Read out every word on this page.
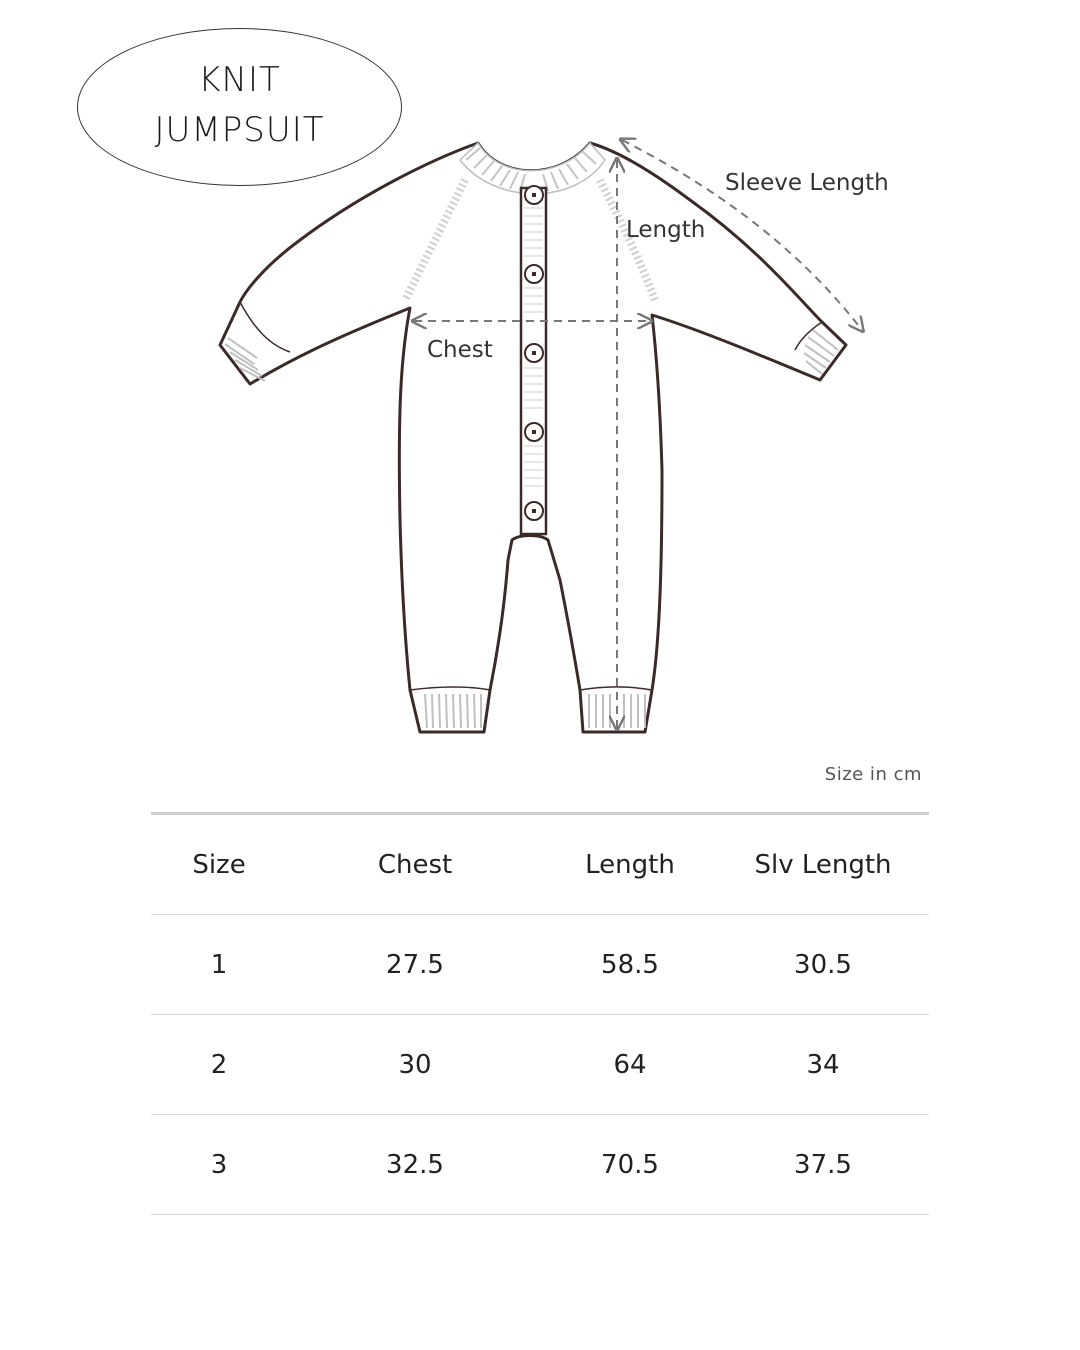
KNIT
JUMPSUIT
Sleeve Length
Length
Chest
Size in cm
Size	Chest	Length	Slv Length
1	27.5	58.5	30.5
2	30	64	34
3	32.5	70.5	37.5
